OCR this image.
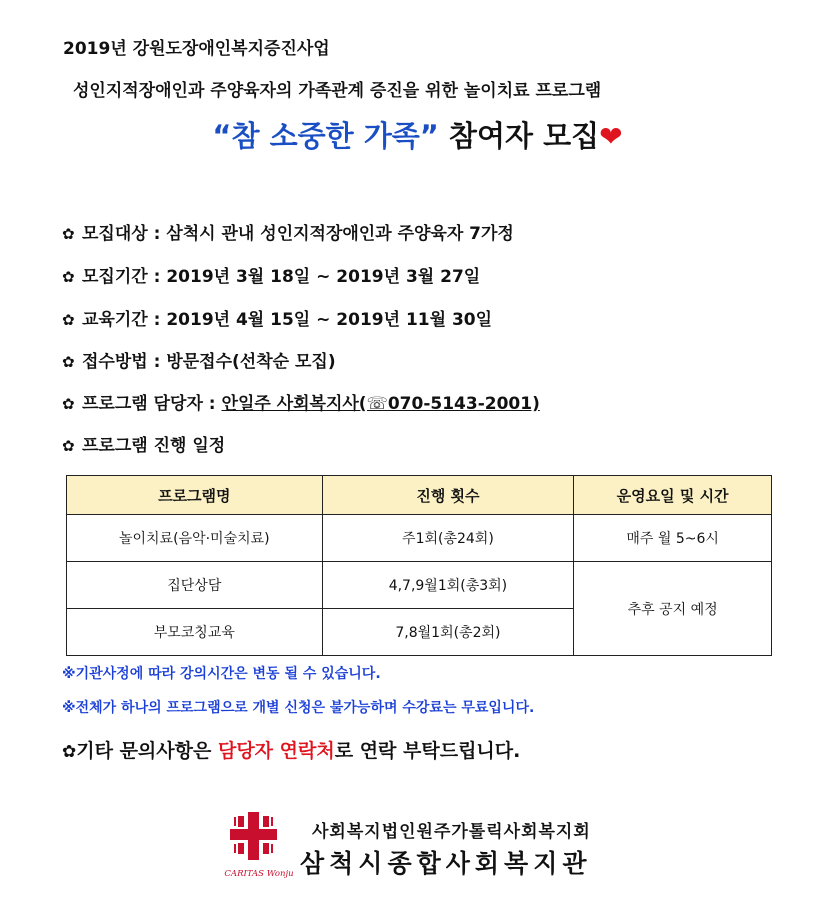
2019년 강원도장애인복지증진사업
성인지적장애인과 주양육자의 가족관계 증진을 위한 놀이치료 프로그램
“참 소중한 가족” 참여자 모집❤
✿ 모집대상 : 삼척시 관내 성인지적장애인과 주양육자 7가정
✿ 모집기간 : 2019년 3월 18일 ~ 2019년 3월 27일
✿ 교육기간 : 2019년 4월 15일 ~ 2019년 11월 30일
✿ 접수방법 : 방문접수(선착순 모집)
✿ 프로그램 담당자 : 안일주 사회복지사(☏070-5143-2001)
✿ 프로그램 진행 일정
프로그램명	진행 횟수	운영요일 및 시간
놀이치료(음악·미술치료)	주1회(총24회)	매주 월 5~6시
집단상담	4,7,9월1회(총3회)	추후 공지 예정
부모코칭교육	7,8월1회(총2회)	
※기관사정에 따라 강의시간은 변동 될 수 있습니다.
※전체가 하나의 프로그램으로 개별 신청은 불가능하며 수강료는 무료입니다.
✿기타 문의사항은 담당자 연락처로 연락 부탁드립니다.
CARITAS Wonju
사회복지법인원주가톨릭사회복지회
삼척시종합사회복지관
